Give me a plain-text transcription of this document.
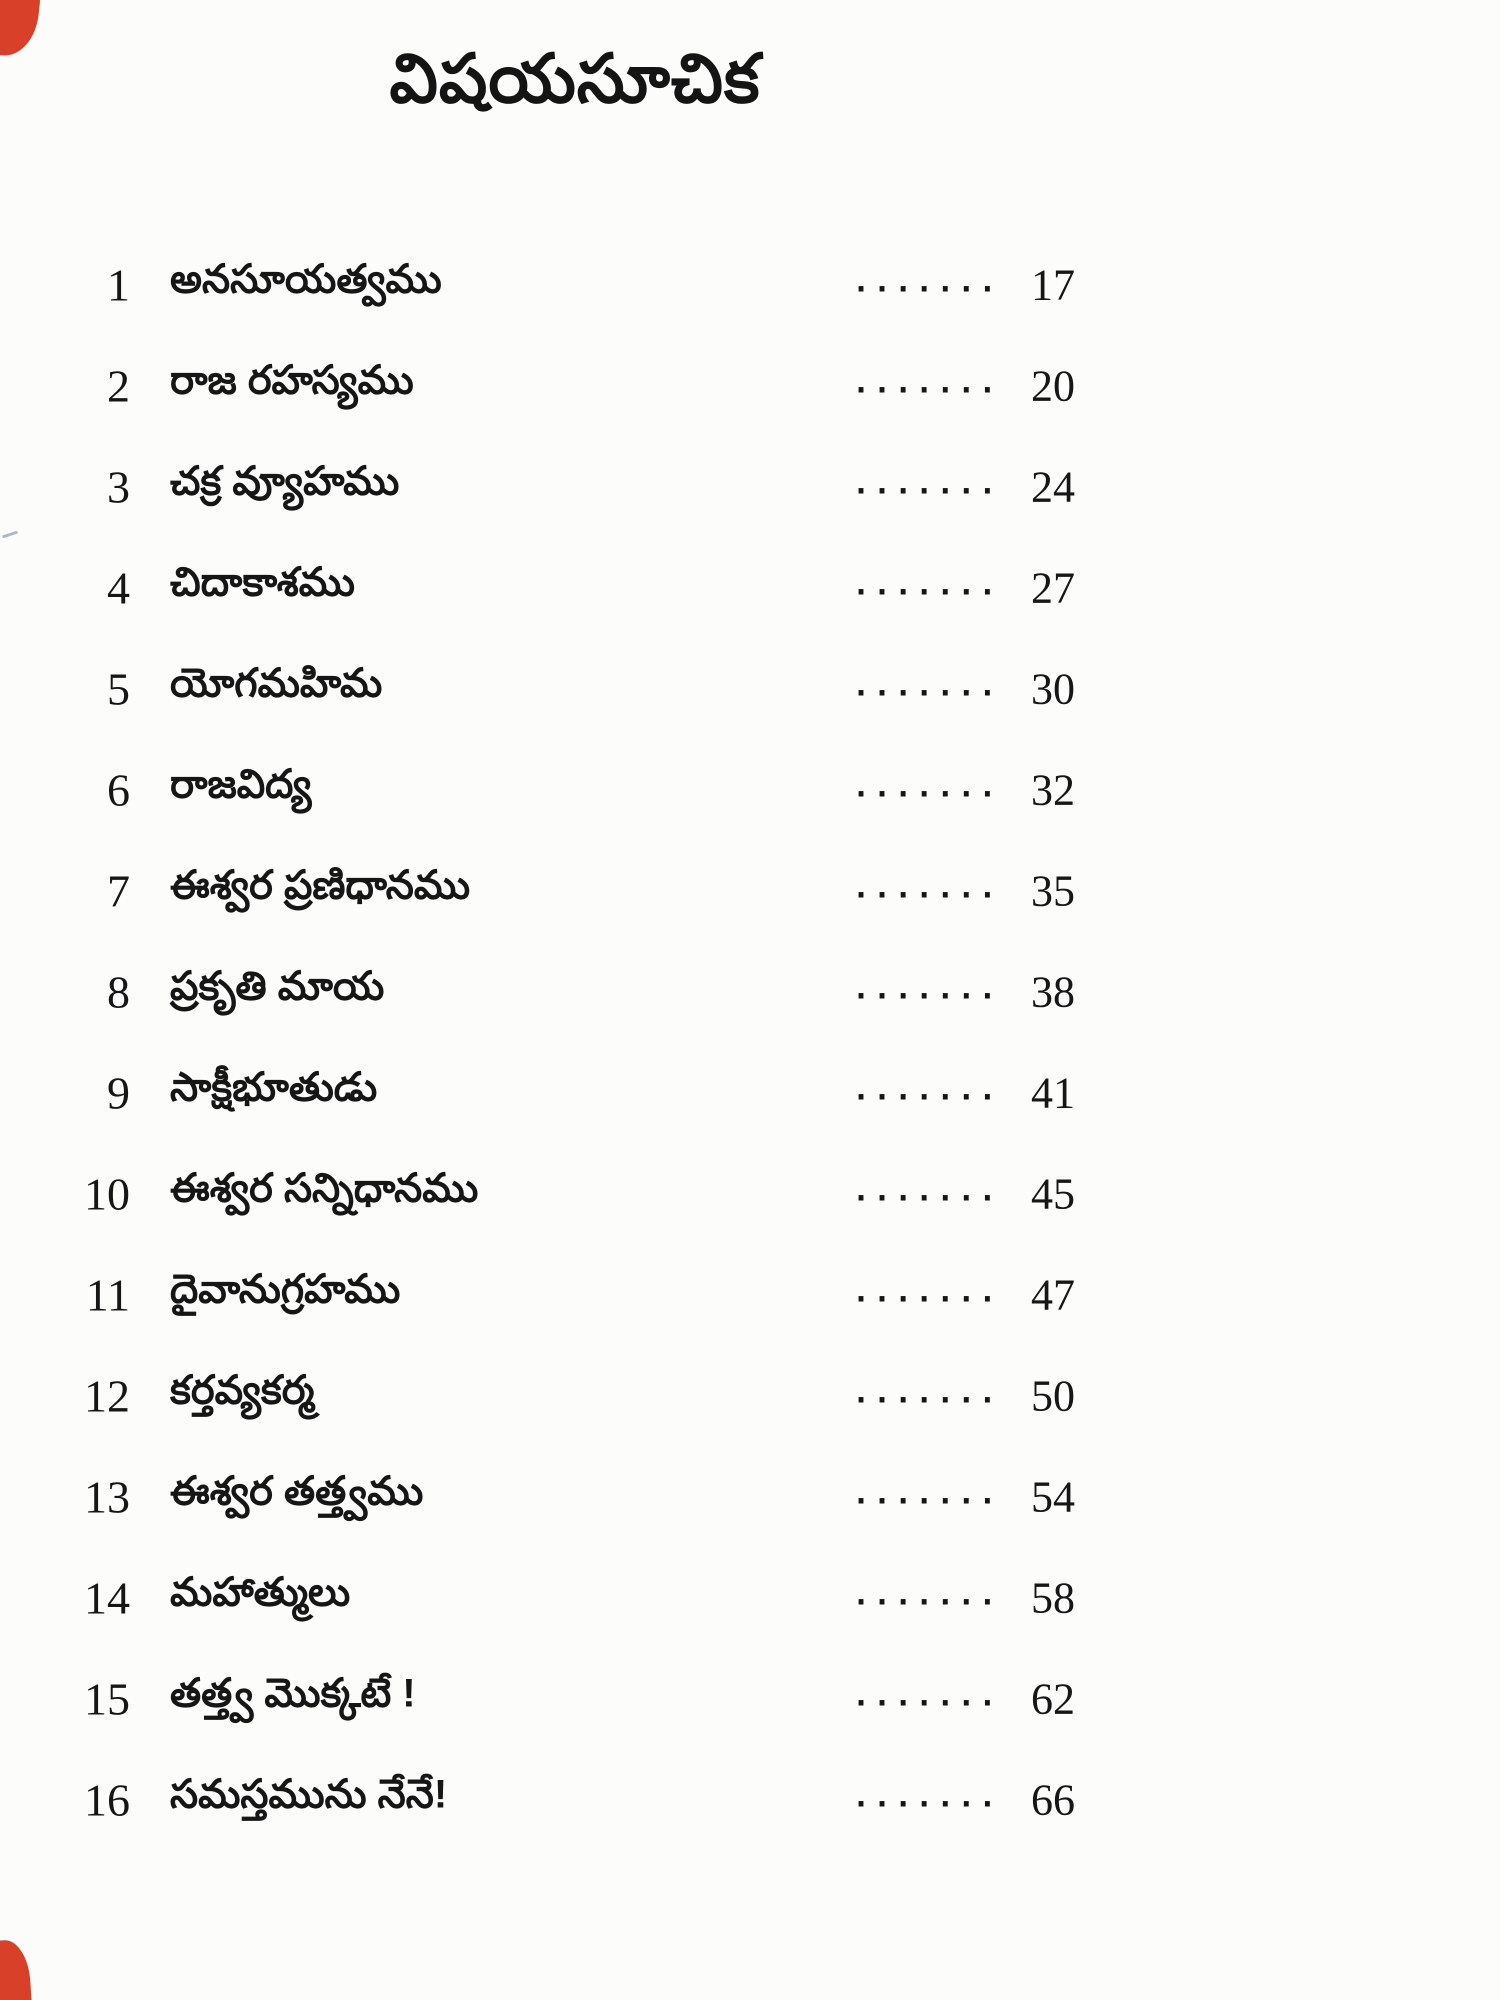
విషయసూచిక
1 అనసూయత్వము	....... 17
2 రాజ రహస్యము	....... 20
3 చక్ర వ్యూహము	....... 24
4 చిదాకాశము	....... 27
5 యోగమహిమ	....... 30
6 రాజవిద్య	....... 32
7 ఈశ్వర ప్రణిధానము	....... 35
8 ప్రకృతి మాయ	....... 38
9 సాక్షీభూతుడు	....... 41
10 ఈశ్వర సన్నిధానము	....... 45
11 దైవానుగ్రహము	....... 47
12 కర్తవ్యకర్మ	....... 50
13 ఈశ్వర తత్త్వము	....... 54
14 మహాత్ములు	....... 58
15 తత్త్వ మొక్కటే !	....... 62
16 సమస్తమును నేనే!	....... 66
